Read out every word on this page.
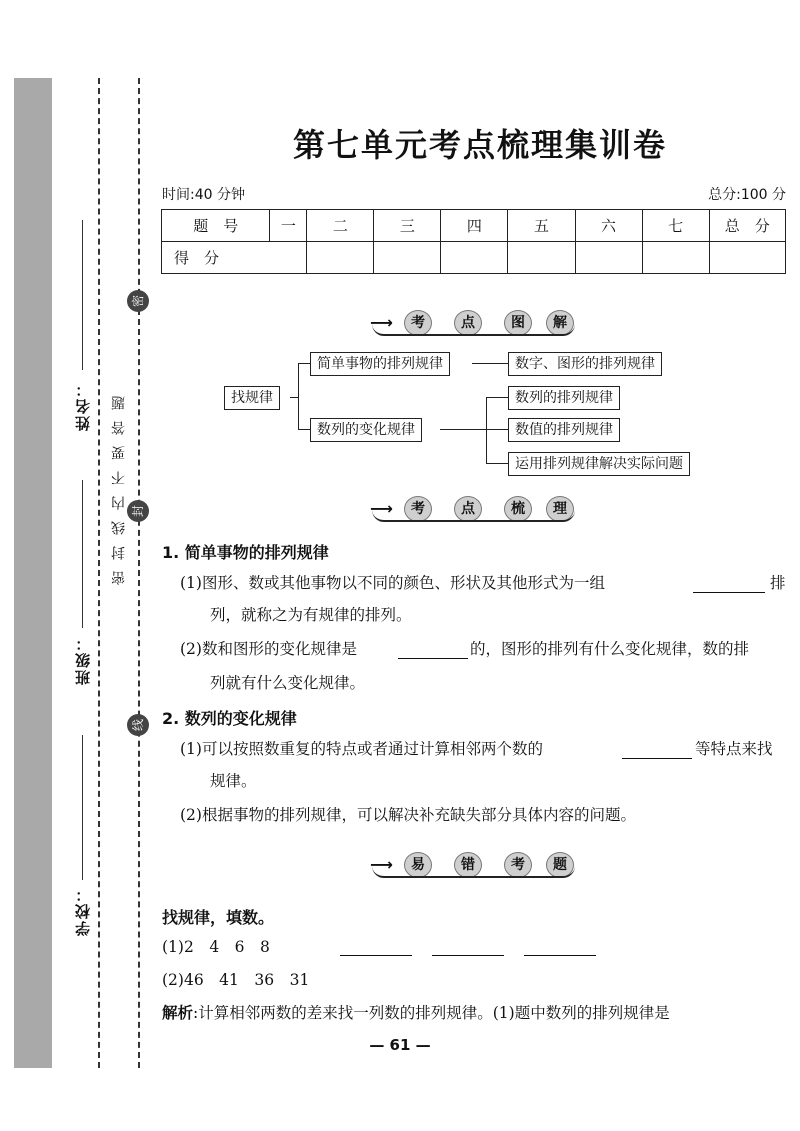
姓名：
班级：
学校：
密封线内不要答题
密
封
线
第七单元考点梳理集训卷
时间:40 分钟	总分:100 分
题　号	一	二	三	四	五	六	七	总　分
得　分								
⟶	考	点	图	解
找规律
简单事物的排列规律	数字、图形的排列规律
数列的变化规律
数列的排列规律
数值的排列规律
运用排列规律解决实际问题
⟶	考	点	梳	理
1. 简单事物的排列规律
(1)图形、数或其他事物以不同的颜色、形状及其他形式为一组	排
列，就称之为有规律的排列。
(2)数和图形的变化规律是	的，图形的排列有什么变化规律，数的排
列就有什么变化规律。
2. 数列的变化规律
(1)可以按照数重复的特点或者通过计算相邻两个数的	等特点来找
规律。
(2)根据事物的排列规律，可以解决补充缺失部分具体内容的问题。
⟶	易	错	考	题
找规律，填数。
(1)2　4　6　8
(2)46　41　36　31
解析:计算相邻两数的差来找一列数的排列规律。(1)题中数列的排列规律是
— 61 —
